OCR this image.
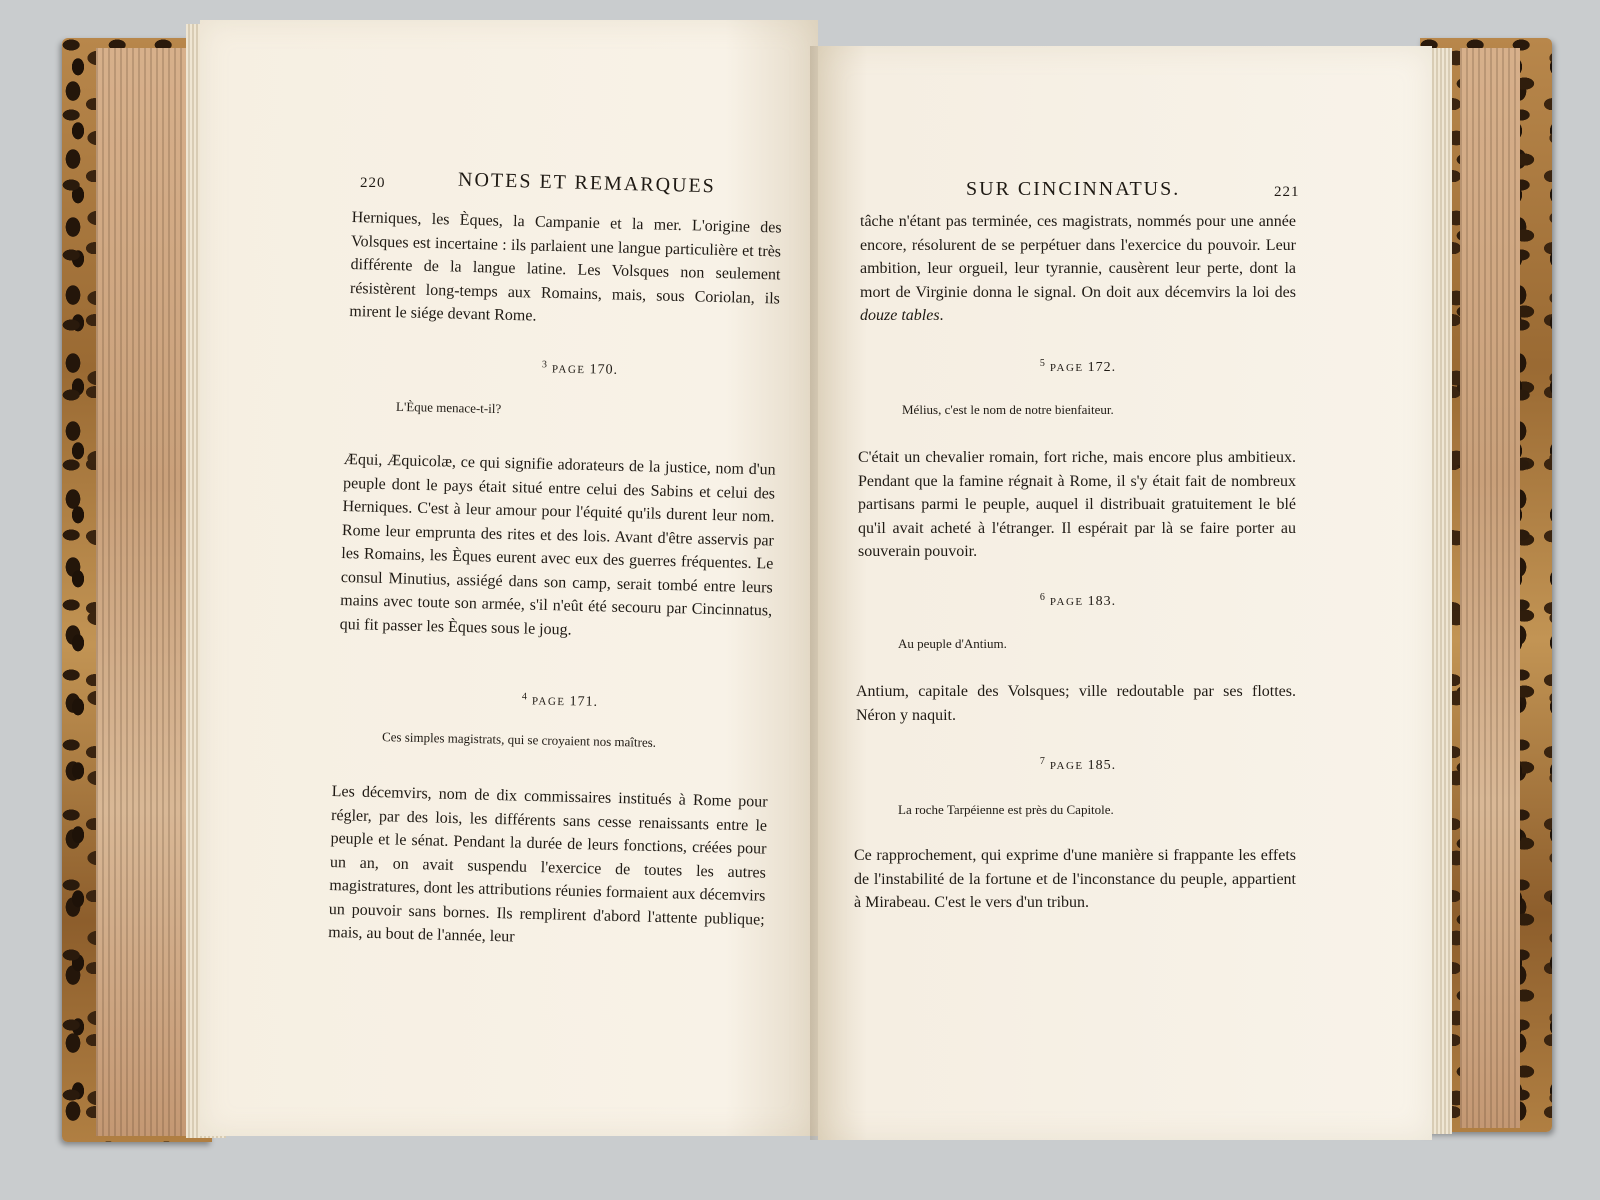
220	NOTES ET REMARQUES

Herniques, les Èques, la Campanie et la mer. L'origine des Volsques est incertaine : ils parlaient une langue particulière et très différente de la langue latine. Les Volsques non seulement résistèrent long-temps aux Romains, mais, sous Coriolan, ils mirent le siége devant Rome.

$^3$ PAGE 170.
L'Èque menace-t-il?

Æqui, Æquicolæ, ce qui signifie adorateurs de la justice, nom d'un peuple dont le pays était situé entre celui des Sabins et celui des Herniques. C'est à leur amour pour l'équité qu'ils durent leur nom. Rome leur emprunta des rites et des lois. Avant d'être asservis par les Romains, les Èques eurent avec eux des guerres fréquentes. Le consul Minutius, assiégé dans son camp, serait tombé entre leurs mains avec toute son armée, s'il n'eût été secouru par Cincinnatus, qui fit passer les Èques sous le joug.

$^4$ PAGE 171.
Ces simples magistrats, qui se croyaient nos maîtres.

Les décemvirs, nom de dix commissaires institués à Rome pour régler, par des lois, les différents sans cesse renaissants entre le peuple et le sénat. Pendant la durée de leurs fonctions, créées pour un an, on avait suspendu l'exercice de toutes les autres magistratures, dont les attributions réunies formaient aux décemvirs un pouvoir sans bornes. Ils remplirent d'abord l'attente publique; mais, au bout de l'année, leur

SUR CINCINNATUS.	221

tâche n'étant pas terminée, ces magistrats, nommés pour une année encore, résolurent de se perpétuer dans l'exercice du pouvoir. Leur ambition, leur orgueil, leur tyrannie, causèrent leur perte, dont la mort de Virginie donna le signal. On doit aux décemvirs la loi des douze tables.

$^5$ PAGE 172.
Mélius, c'est le nom de notre bienfaiteur.

C'était un chevalier romain, fort riche, mais encore plus ambitieux. Pendant que la famine régnait à Rome, il s'y était fait de nombreux partisans parmi le peuple, auquel il distribuait gratuitement le blé qu'il avait acheté à l'étranger. Il espérait par là se faire porter au souverain pouvoir.

$^6$ PAGE 183.
Au peuple d'Antium.

Antium, capitale des Volsques; ville redoutable par ses flottes. Néron y naquit.

$^7$ PAGE 185.
La roche Tarpéienne est près du Capitole.

Ce rapprochement, qui exprime d'une manière si frappante les effets de l'instabilité de la fortune et de l'inconstance du peuple, appartient à Mirabeau. C'est le vers d'un tribun.
